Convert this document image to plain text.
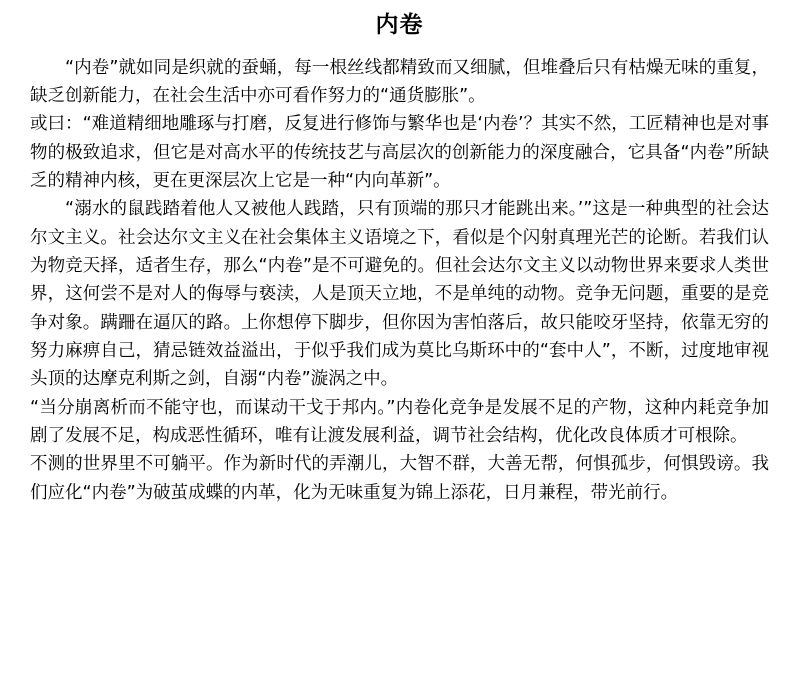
内卷

“内卷”就如同是织就的蚕蛹，每一根丝线都精致而又细腻，但堆叠后只有枯燥无味的重复，缺乏创新能力，在社会生活中亦可看作努力的“通货膨胀”。

或曰：“难道精细地雕琢与打磨，反复进行修饰与繁华也是‘内卷’？其实不然，工匠精神也是对事物的极致追求，但它是对高水平的传统技艺与高层次的创新能力的深度融合，它具备“内卷”所缺乏的精神内核，更在更深层次上它是一种“内向革新”。

“溺水的鼠践踏着他人又被他人践踏，只有顶端的那只才能跳出来。’”这是一种典型的社会达尔文主义。社会达尔文主义在社会集体主义语境之下，看似是个闪射真理光芒的论断。若我们认为物竞天择，适者生存，那么“内卷”是不可避免的。但社会达尔文主义以动物世界来要求人类世界，这何尝不是对人的侮辱与亵渎，人是顶天立地，不是单纯的动物。竞争无问题，重要的是竞争对象。蹒跚在逼仄的路。上你想停下脚步，但你因为害怕落后，故只能咬牙坚持，依靠无穷的努力麻痹自己，猜忌链效益溢出，于似乎我们成为莫比乌斯环中的“套中人”，不断，过度地审视头顶的达摩克利斯之剑，自溺“内卷”漩涡之中。

“当分崩离析而不能守也，而谋动干戈于邦内。”内卷化竞争是发展不足的产物，这种内耗竞争加剧了发展不足，构成恶性循环，唯有让渡发展利益，调节社会结构，优化改良体质才可根除。

不测的世界里不可躺平。作为新时代的弄潮儿，大智不群，大善无帮，何惧孤步，何惧毁谤。我们应化“内卷”为破茧成蝶的内革，化为无味重复为锦上添花，日月兼程，带光前行。
